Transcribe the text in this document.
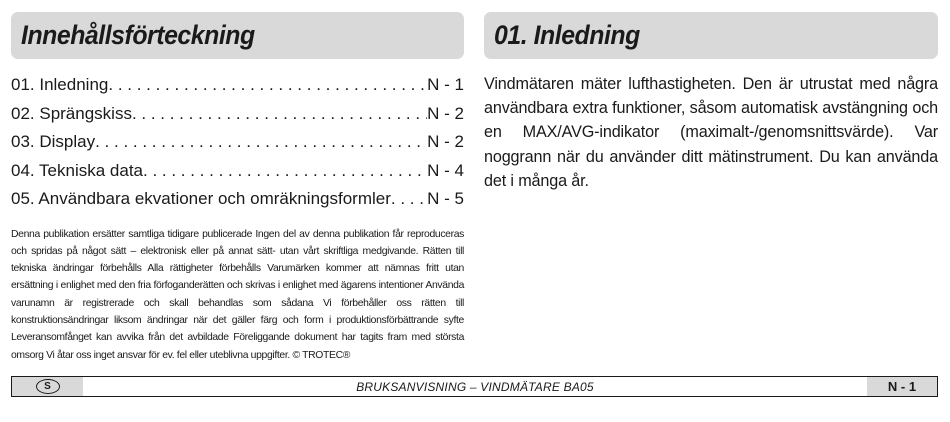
Innehållsförteckning
01. Inledning . . .	N - 1
02. Sprängskiss . . .	N - 2
03. Display . . .	N - 2
04. Tekniska data . . .	N - 4
05. Användbara ekvationer och omräkningsformler . . . N - 5

Denna publikation ersätter samtliga tidigare publicerade Ingen del av denna publikation får reproduceras och spridas på något sätt – elektronisk eller på annat sätt- utan vårt skriftliga medgivande. Rätten till tekniska ändringar förbehålls Alla rättigheter förbehålls Varumärken kommer att nämnas fritt utan ersättning i enlighet med den fria förfoganderätten och skrivas i enlighet med ägarens intentioner Använda varunamn är registrerade och skall behandlas som sådana Vi förbehåller oss rätten till konstruktionsändringar liksom ändringar när det gäller färg och form i produktionsförbättrande syfte Leveransomfånget kan avvika från det avbildade Föreliggande dokument har tagits fram med största omsorg Vi åtar oss inget ansvar för ev. fel eller uteblivna uppgifter. © TROTEC®

01. Inledning

Vindmätaren mäter lufthastigheten. Den är utrustat med några användbara extra funktioner, såsom automatisk avstängning och en MAX/AVG-indikator (maximalt-/genomsnittsvärde). Var noggrann när du använder ditt mätinstrument. Du kan använda det i många år.

S	BRUKSANVISNING – VINDMÄTARE BA05	N - 1
